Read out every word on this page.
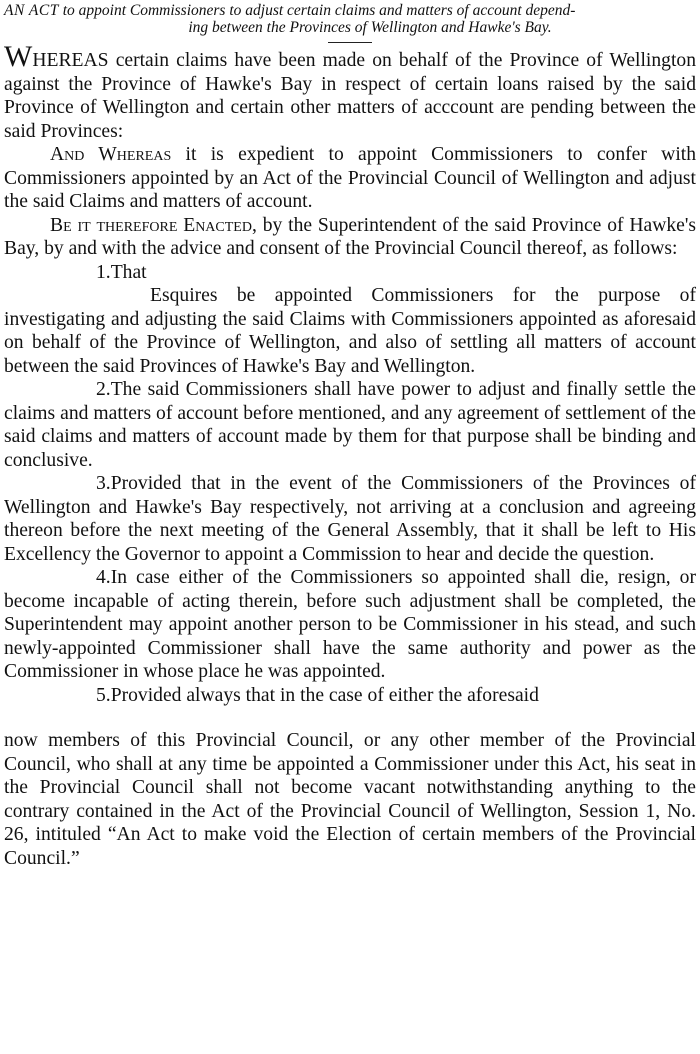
AN ACT to appoint Commissioners to adjust certain claims and matters of account depend-
ing between the Provinces of Wellington and Hawke's Bay.

WHEREAS certain claims have been made on behalf of the Province of Wellington against the Province of Hawke's Bay in respect of certain loans raised by the said Province of Wellington and certain other matters of acccount are pending between the said Provinces:

And Whereas it is expedient to appoint Commissioners to confer with Commissioners appointed by an Act of the Provincial Council of Wellington and adjust the said Claims and matters of account.

Be it therefore Enacted, by the Superintendent of the said Province of Hawke's Bay, by and with the advice and consent of the Provincial Council thereof, as follows:

1.That

Esquires be appointed Commissioners for the purpose of investigating and adjusting the said Claims with Commissioners appointed as aforesaid on behalf of the Province of Wellington, and also of settling all matters of account between the said Provinces of Hawke's Bay and Wellington.

2.The said Commissioners shall have power to adjust and finally settle the claims and matters of account before mentioned, and any agreement of settlement of the said claims and matters of account made by them for that purpose shall be binding and conclusive.

3.Provided that in the event of the Commissioners of the Provinces of Wellington and Hawke's Bay respectively, not arriving at a conclusion and agreeing thereon before the next meeting of the General Assembly, that it shall be left to His Excellency the Governor to appoint a Commission to hear and decide the question.

4.In case either of the Commissioners so appointed shall die, resign, or become incapable of acting therein, before such adjustment shall be completed, the Superintendent may appoint another person to be Commissioner in his stead, and such newly-appointed Commissioner shall have the same authority and power as the Commissioner in whose place he was appointed.

5.Provided always that in the case of either the aforesaid

now members of this Provincial Council, or any other member of the Provincial Council, who shall at any time be appointed a Commissioner under this Act, his seat in the Provincial Council shall not become vacant notwithstanding anything to the contrary contained in the Act of the Provincial Council of Wellington, Session 1, No. 26, intituled “An Act to make void the Election of certain members of the Provincial Council.”
